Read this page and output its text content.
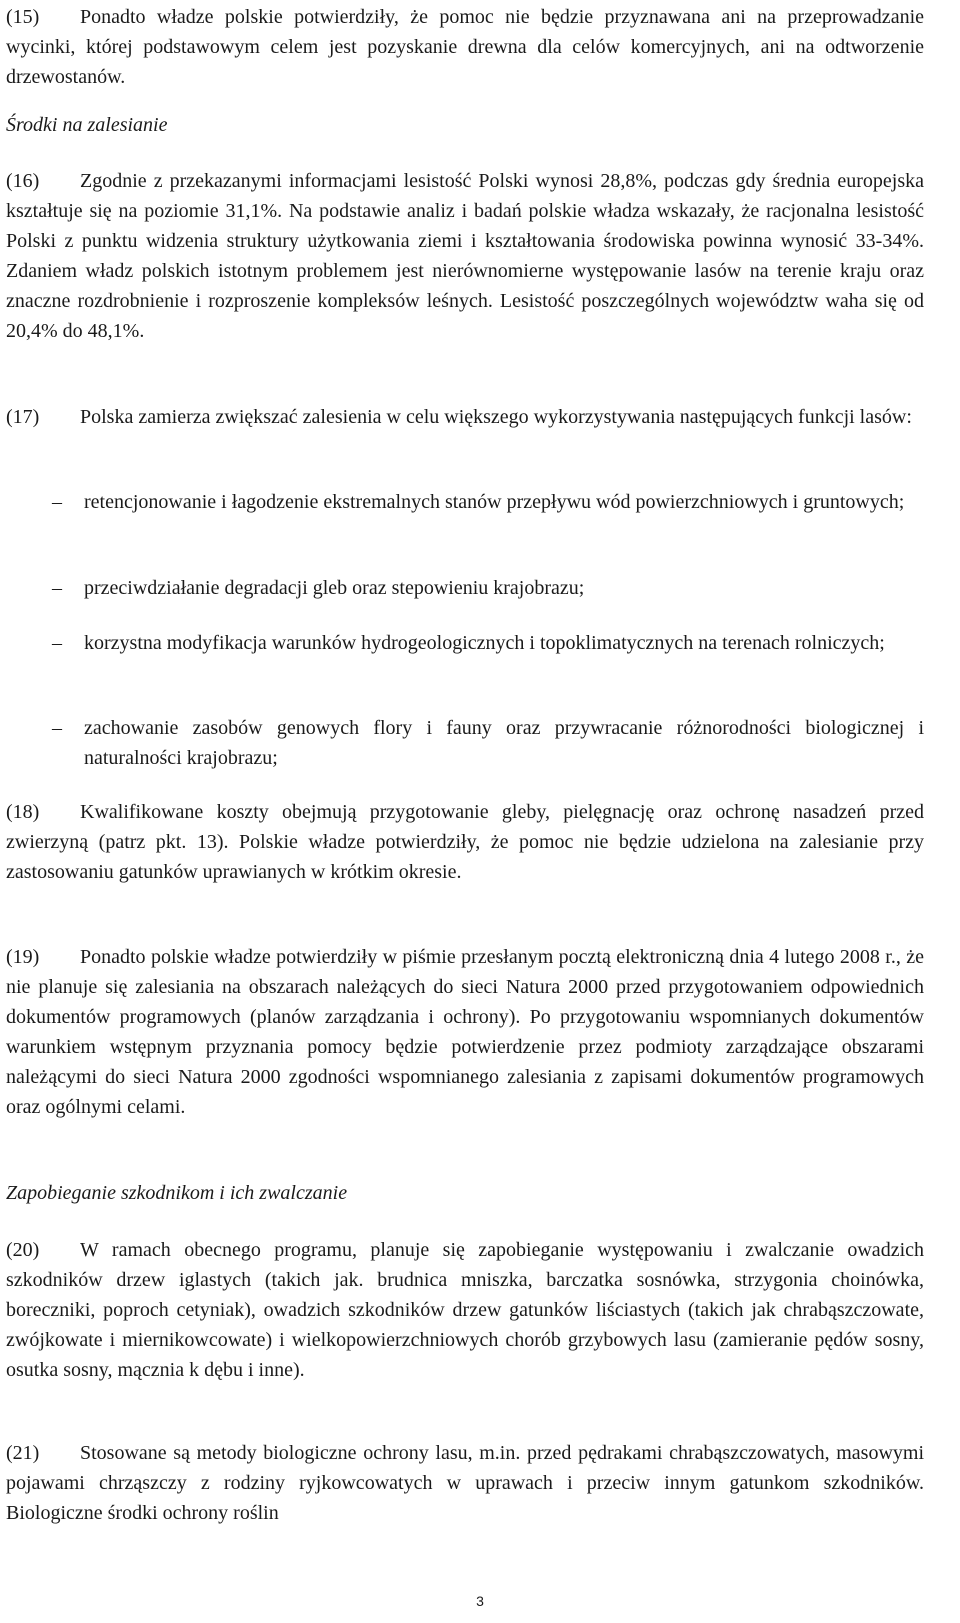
(15) Ponadto władze polskie potwierdziły, że pomoc nie będzie przyznawana ani na przeprowadzanie wycinki, której podstawowym celem jest pozyskanie drewna dla celów komercyjnych, ani na odtworzenie drzewostanów.
Środki na zalesianie
(16) Zgodnie z przekazanymi informacjami lesistość Polski wynosi 28,8%, podczas gdy średnia europejska kształtuje się na poziomie 31,1%. Na podstawie analiz i badań polskie władza wskazały, że racjonalna lesistość Polski z punktu widzenia struktury użytkowania ziemi i kształtowania środowiska powinna wynosić 33-34%. Zdaniem władz polskich istotnym problemem jest nierównomierne występowanie lasów na terenie kraju oraz znaczne rozdrobnienie i rozproszenie kompleksów leśnych. Lesistość poszczególnych województw waha się od 20,4% do 48,1%.
(17) Polska zamierza zwiększać zalesienia w celu większego wykorzystywania następujących funkcji lasów:
– retencjonowanie i łagodzenie ekstremalnych stanów przepływu wód powierzchniowych i gruntowych;
– przeciwdziałanie degradacji gleb oraz stepowieniu krajobrazu;
– korzystna modyfikacja warunków hydrogeologicznych i topoklimatycznych na terenach rolniczych;
– zachowanie zasobów genowych flory i fauny oraz przywracanie różnorodności biologicznej i naturalności krajobrazu;
(18) Kwalifikowane koszty obejmują przygotowanie gleby, pielęgnację oraz ochronę nasadzeń przed zwierzyną (patrz pkt. 13). Polskie władze potwierdziły, że pomoc nie będzie udzielona na zalesianie przy zastosowaniu gatunków uprawianych w krótkim okresie.
(19) Ponadto polskie władze potwierdziły w piśmie przesłanym pocztą elektroniczną dnia 4 lutego 2008 r., że nie planuje się zalesiania na obszarach należących do sieci Natura 2000 przed przygotowaniem odpowiednich dokumentów programowych (planów zarządzania i ochrony). Po przygotowaniu wspomnianych dokumentów warunkiem wstępnym przyznania pomocy będzie potwierdzenie przez podmioty zarządzające obszarami należącymi do sieci Natura 2000 zgodności wspomnianego zalesiania z zapisami dokumentów programowych oraz ogólnymi celami.
Zapobieganie szkodnikom i ich zwalczanie
(20) W ramach obecnego programu, planuje się zapobieganie występowaniu i zwalczanie owadzich szkodników drzew iglastych (takich jak. brudnica mniszka, barczatka sosnówka, strzygonia choinówka, boreczniki, poproch cetyniak), owadzich szkodników drzew gatunków liściastych (takich jak chrabąszczowate, zwójkowate i miernikowcowate) i wielkopowierzchniowych chorób grzybowych lasu (zamieranie pędów sosny, osutka sosny, mącznia k dębu i inne).
(21) Stosowane są metody biologiczne ochrony lasu, m.in. przed pędrakami chrabąszczowatych, masowymi pojawami chrząszczy z rodziny ryjkowcowatych w uprawach i przeciw innym gatunkom szkodników. Biologiczne środki ochrony roślin
3
